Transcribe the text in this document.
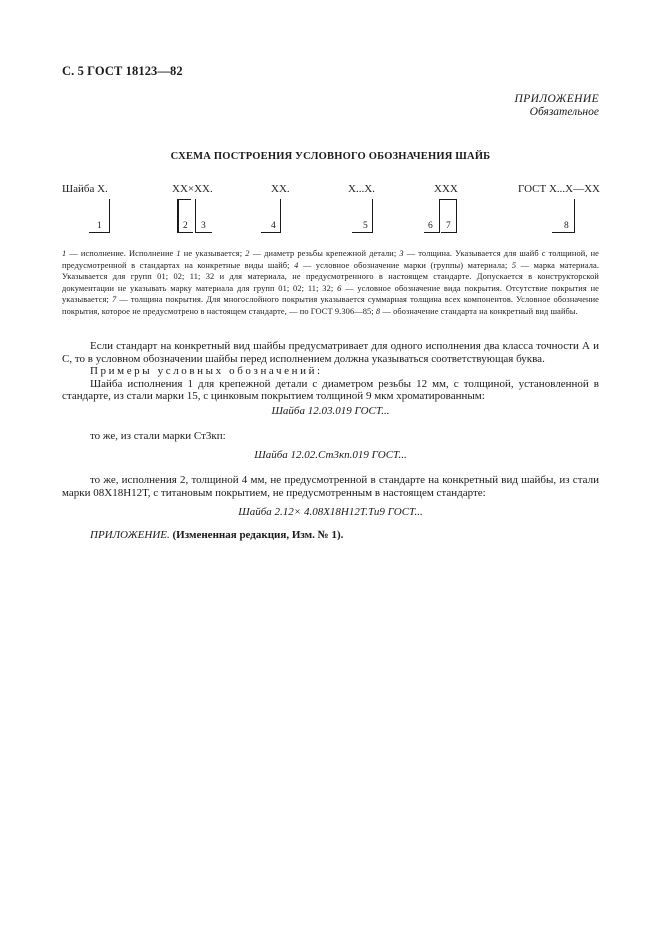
С. 5 ГОСТ 18123—82
ПРИЛОЖЕНИЕ
Обязательное
СХЕМА ПОСТРОЕНИЯ УСЛОВНОГО ОБОЗНАЧЕНИЯ ШАЙБ
Шайба Х.	ХХ×ХХ.	ХХ.	Х...Х.	ХХХ	ГОСТ Х...Х—ХХ
1	2 3	4	5	6 7	8

1 — исполнение. Исполнение 1 не указывается; 2 — диаметр резьбы крепежной детали; 3 — толщина. Указывается для шайб с толщиной, не предусмотренной в стандартах на конкретные виды шайб; 4 — условное обозначение марки (группы) материала; 5 — марка материала. Указывается для групп 01; 02; 11; 32 и для материала, не предусмотренного в настоящем стандарте. Допускается в конструкторской документации не указывать марку материала для групп 01; 02; 11; 32; 6 — условное обозначение вида покрытия. Отсутствие покрытия не указывается; 7 — толщина покрытия. Для многослойного покрытия указывается суммарная толщина всех компонентов. Условное обозначение покрытия, которое не предусмотрено в настоящем стандарте, — по ГОСТ 9.306—85; 8 — обозначение стандарта на конкретный вид шайбы.

Если стандарт на конкретный вид шайбы предусматривает для одного исполнения два класса точности А и С, то в условном обозначении шайбы перед исполнением должна указываться соответствующая буква.

Примеры условных обозначений:

Шайба исполнения 1 для крепежной детали с диаметром резьбы 12 мм, с толщиной, установленной в стандарте, из стали марки 15, с цинковым покрытием толщиной 9 мкм хроматированным:

Шайба 12.03.019 ГОСТ...
то же, из стали марки Ст3кп:
Шайба 12.02.Ст3кп.019 ГОСТ...

то же, исполнения 2, толщиной 4 мм, не предусмотренной в стандарте на конкретный вид шайбы, из стали марки 08Х18Н12Т, с титановым покрытием, не предусмотренным в настоящем стандарте:

Шайба 2.12× 4.08Х18Н12Т.Ти9 ГОСТ...
ПРИЛОЖЕНИЕ. (Измененная редакция, Изм. № 1).
